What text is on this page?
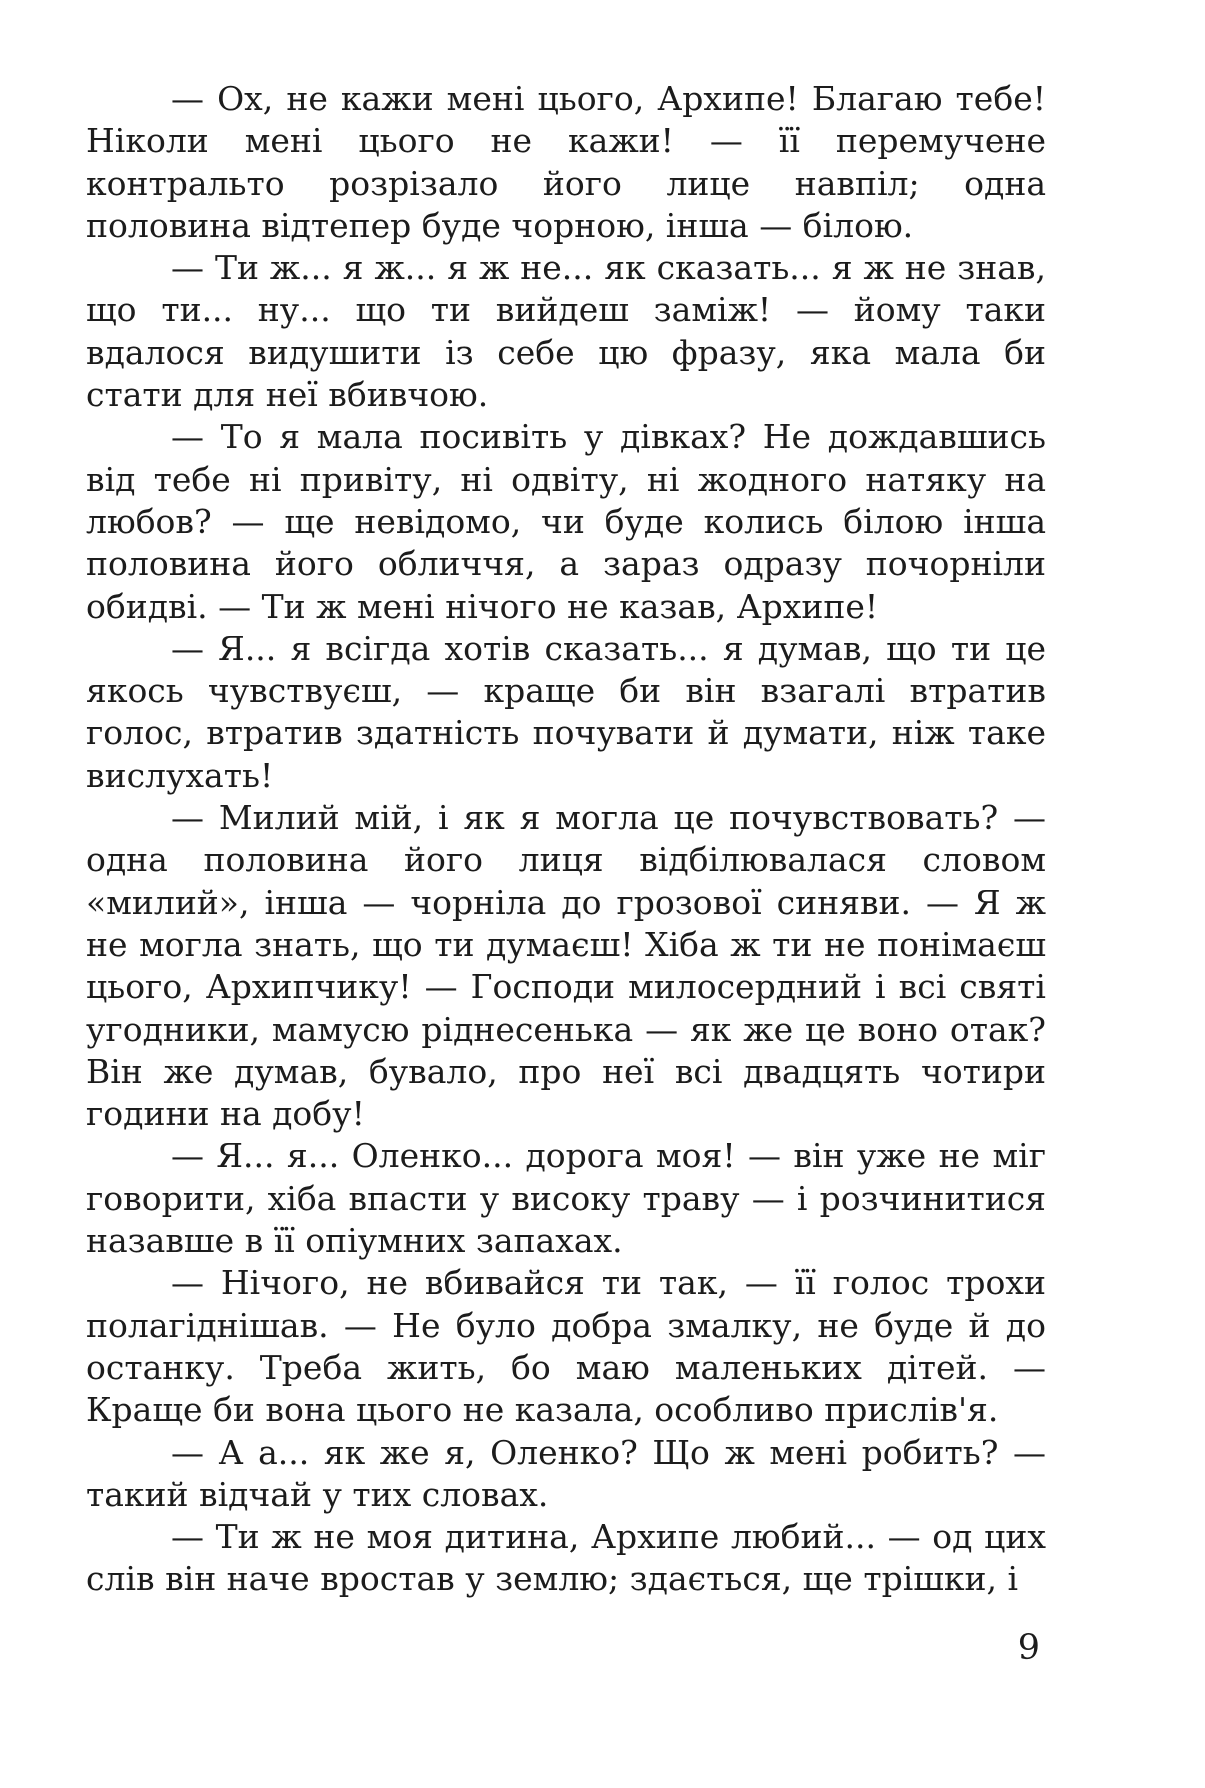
— Ох, не кажи мені цього, Архипе! Благаю тебе! Ніколи мені цього не кажи! — її перемучене контральто розрізало його лице навпіл; одна половина відтепер буде чорною, інша — білою.

— Ти ж... я ж... я ж не... як сказать... я ж не знав, що ти... ну... що ти вийдеш заміж! — йому таки вдалося видушити із себе цю фразу, яка мала би стати для неї вбивчою.

— То я мала посивіть у дівках? Не дождавшись від тебе ні привіту, ні одвіту, ні жодного натяку на любов? — ще невідомо, чи буде колись білою інша половина його обличчя, а зараз одразу почорніли обидві. — Ти ж мені нічого не казав, Архипе!

— Я... я всігда хотів сказать... я думав, що ти це якось чувствуєш, — краще би він взагалі втратив голос, втратив здатність почувати й думати, ніж таке вислухать!

— Милий мій, і як я могла це почувствовать? — одна половина його лиця відбілювалася словом «милий», інша — чорніла до грозової синяви. — Я ж не могла знать, що ти думаєш! Хіба ж ти не понімаєш цього, Архипчику! — Господи милосердний і всі святі угодники, мамусю ріднесенька — як же це воно отак? Він же думав, бувало, про неї всі двадцять чотири години на добу!

— Я... я... Оленко... дорога моя! — він уже не міг говорити, хіба впасти у високу траву — і розчинитися назавше в її опіумних запахах.

— Нічого, не вбивайся ти так, — її голос трохи полагіднішав. — Не було добра змалку, не буде й до останку. Треба жить, бо маю маленьких дітей. — Краще би вона цього не казала, особливо прислів'я.

— А а... як же я, Оленко? Що ж мені робить? — такий відчай у тих словах.

— Ти ж не моя дитина, Архипе любий... — од цих слів він наче вростав у землю; здається, ще трішки, і

9
